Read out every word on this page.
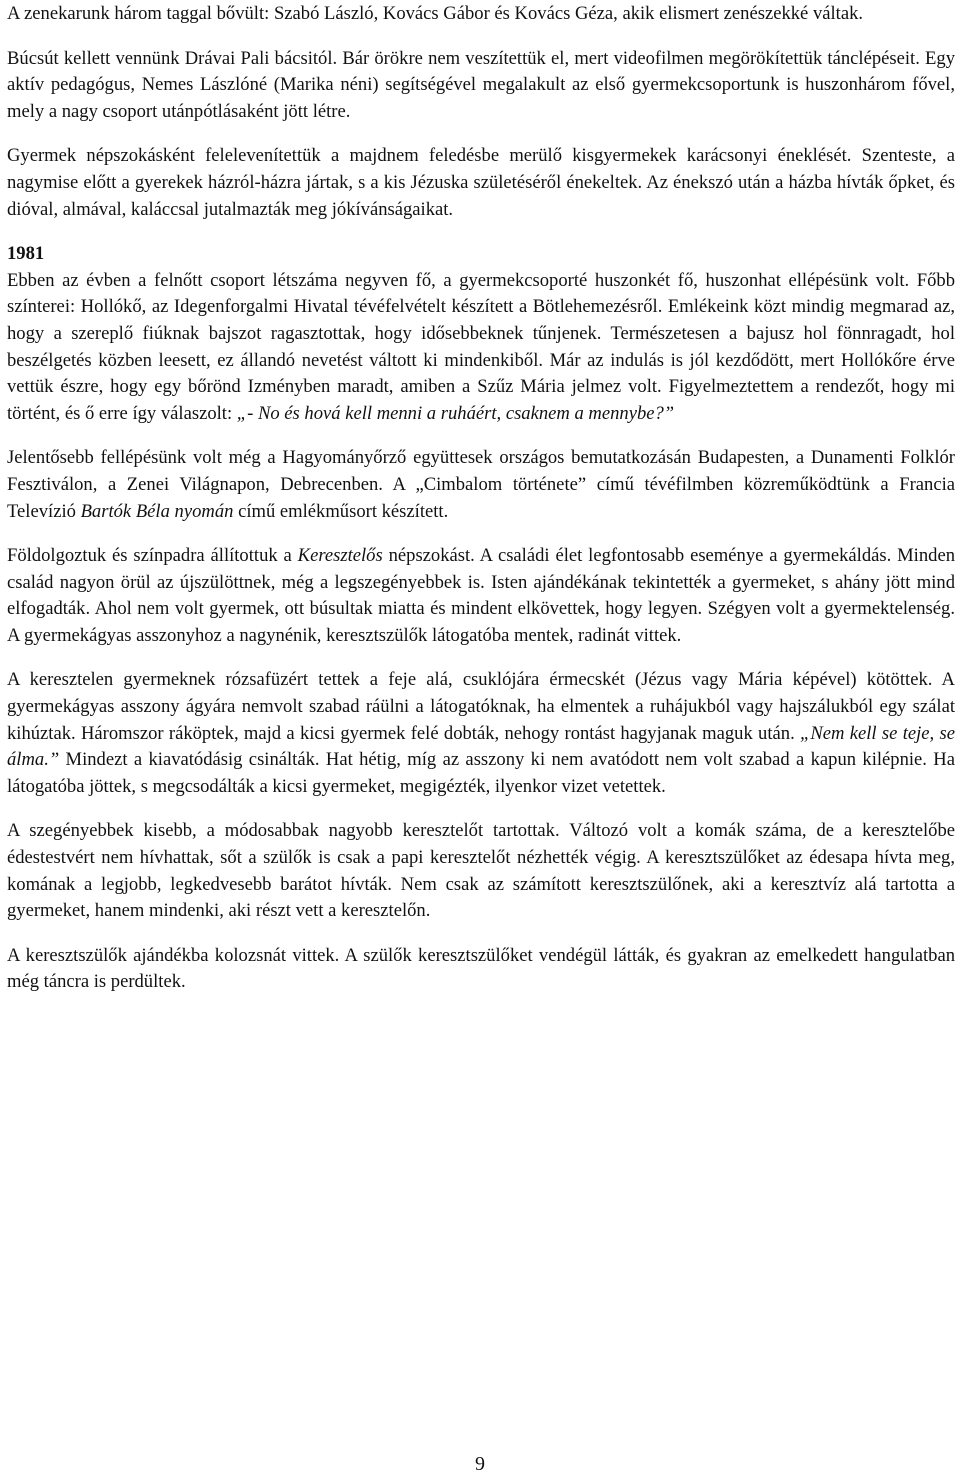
A zenekarunk három taggal bővült: Szabó László, Kovács Gábor és Kovács Géza, akik elismert zenészekké váltak.

Búcsút kellett vennünk Drávai Pali bácsitól. Bár örökre nem veszítettük el, mert videofilmen megörökítettük tánclépéseit. Egy aktív pedagógus, Nemes Lászlóné (Marika néni) segítségével megalakult az első gyermekcsoportunk is huszonhárom fővel, mely a nagy csoport utánpótlásaként jött létre.

Gyermek népszokásként felelevenítettük a majdnem feledésbe merülő kisgyermekek karácsonyi éneklését. Szenteste, a nagymise előtt a gyerekek házról-házra jártak, s a kis Jézuska születéséről énekeltek. Az énekszó után a házba hívták őpket, és dióval, almával, kaláccsal jutalmazták meg jókívánságaikat.

1981

Ebben az évben a felnőtt csoport létszáma negyven fő, a gyermekcsoporté huszonkét fő, huszonhat ellépésünk volt. Főbb színterei: Hollókő, az Idegenforgalmi Hivatal tévéfelvételt készített a Bötlehemezésről. Emlékeink közt mindig megmarad az, hogy a szereplő fiúknak bajszot ragasztottak, hogy idősebbeknek tűnjenek. Természetesen a bajusz hol fönnragadt, hol beszélgetés közben leesett, ez állandó nevetést váltott ki mindenkiből. Már az indulás is jól kezdődött, mert Hollókőre érve vettük észre, hogy egy bőrönd Izményben maradt, amiben a Szűz Mária jelmez volt. Figyelmeztettem a rendezőt, hogy mi történt, és ő erre így válaszolt: „- No és hová kell menni a ruháért, csaknem a mennybe?”

Jelentősebb fellépésünk volt még a Hagyományőrző együttesek országos bemutatkozásán Budapesten, a Dunamenti Folklór Fesztiválon, a Zenei Világnapon, Debrecenben. A „Cimbalom története” című tévéfilmben közreműködtünk a Francia Televízió Bartók Béla nyomán című emlékműsort készített.

Földolgoztuk és színpadra állítottuk a Keresztelős népszokást. A családi élet legfontosabb eseménye a gyermekáldás. Minden család nagyon örül az újszülöttnek, még a legszegényebbek is. Isten ajándékának tekintették a gyermeket, s ahány jött mind elfogadták. Ahol nem volt gyermek, ott búsultak miatta és mindent elkövettek, hogy legyen. Szégyen volt a gyermektelenség. A gyermekágyas asszonyhoz a nagynénik, keresztszülők látogatóba mentek, radinát vittek.

A keresztelen gyermeknek rózsafüzért tettek a feje alá, csuklójára érmecskét (Jézus vagy Mária képével) kötöttek. A gyermekágyas asszony ágyára nemvolt szabad ráülni a látogatóknak, ha elmentek a ruhájukból vagy hajszálukból egy szálat kihúztak. Háromszor ráköptek, majd a kicsi gyermek felé dobták, nehogy rontást hagyjanak maguk után. „Nem kell se teje, se álma.” Mindezt a kiavatódásig csinálták. Hat hétig, míg az asszony ki nem avatódott nem volt szabad a kapun kilépnie. Ha látogatóba jöttek, s megcsodálták a kicsi gyermeket, megigézték, ilyenkor vizet vetettek.

A szegényebbek kisebb, a módosabbak nagyobb keresztelőt tartottak. Változó volt a komák száma, de a keresztelőbe édestestvért nem hívhattak, sőt a szülők is csak a papi keresztelőt nézhették végig. A keresztszülőket az édesapa hívta meg, komának a legjobb, legkedvesebb barátot hívták. Nem csak az számított keresztszülőnek, aki a keresztvíz alá tartotta a gyermeket, hanem mindenki, aki részt vett a keresztelőn.

A keresztszülők ajándékba kolozsnát vittek. A szülők keresztszülőket vendégül látták, és gyakran az emelkedett hangulatban még táncra is perdültek.

9
